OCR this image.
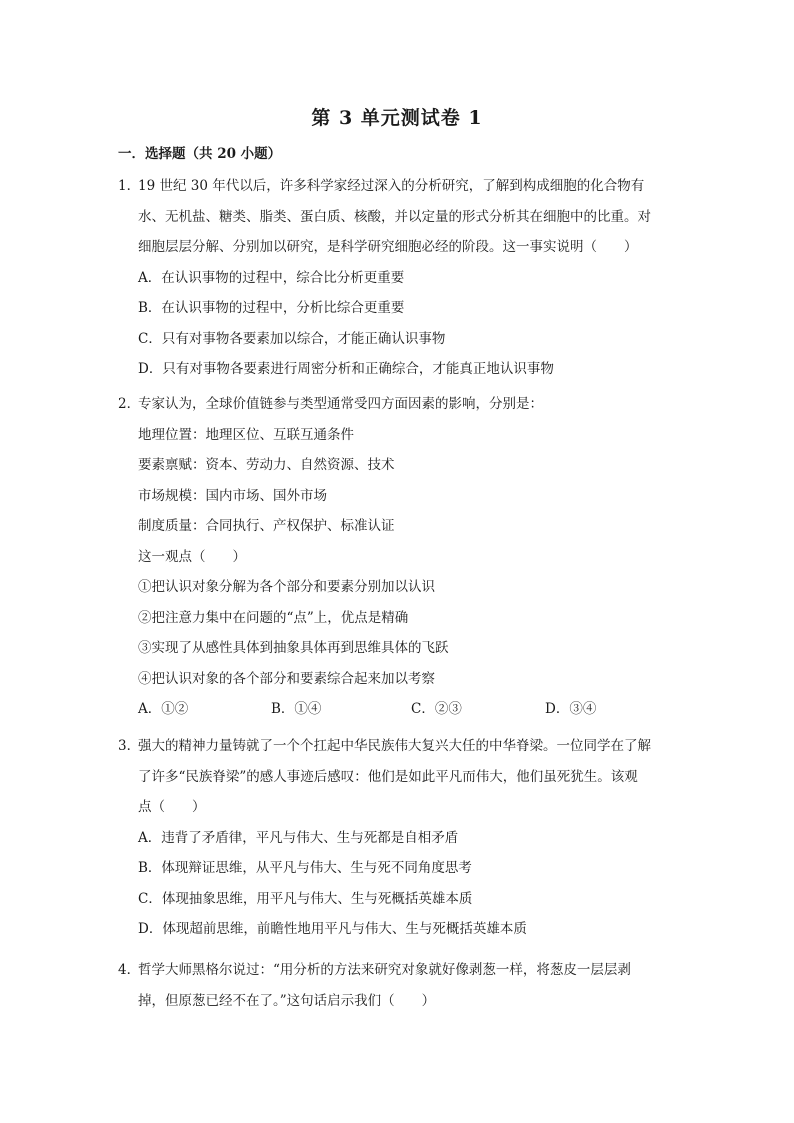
第 3 单元测试卷 1
一．选择题（共 20 小题）
1．19 世纪 30 年代以后，许多科学家经过深入的分析研究，了解到构成细胞的化合物有
水、无机盐、糖类、脂类、蛋白质、核酸，并以定量的形式分析其在细胞中的比重。对
细胞层层分解、分别加以研究，是科学研究细胞必经的阶段。这一事实说明（　　）
A．在认识事物的过程中，综合比分析更重要
B．在认识事物的过程中，分析比综合更重要
C．只有对事物各要素加以综合，才能正确认识事物
D．只有对事物各要素进行周密分析和正确综合，才能真正地认识事物
2．专家认为，全球价值链参与类型通常受四方面因素的影响，分别是：
地理位置：地理区位、互联互通条件
要素禀赋：资本、劳动力、自然资源、技术
市场规模：国内市场、国外市场
制度质量：合同执行、产权保护、标准认证
这一观点（　　）
①把认识对象分解为各个部分和要素分别加以认识
②把注意力集中在问题的“点”上，优点是精确
③实现了从感性具体到抽象具体再到思维具体的飞跃
④把认识对象的各个部分和要素综合起来加以考察
A．①②	B．①④	C．②③	D．③④
3．强大的精神力量铸就了一个个扛起中华民族伟大复兴大任的中华脊梁。一位同学在了解
了许多“民族脊梁”的感人事迹后感叹：他们是如此平凡而伟大，他们虽死犹生。该观
点（　　）
A．违背了矛盾律，平凡与伟大、生与死都是自相矛盾
B．体现辩证思维，从平凡与伟大、生与死不同角度思考
C．体现抽象思维，用平凡与伟大、生与死概括英雄本质
D．体现超前思维，前瞻性地用平凡与伟大、生与死概括英雄本质
4．哲学大师黑格尔说过：“用分析的方法来研究对象就好像剥葱一样，将葱皮一层层剥
掉，但原葱已经不在了。”这句话启示我们（　　）
